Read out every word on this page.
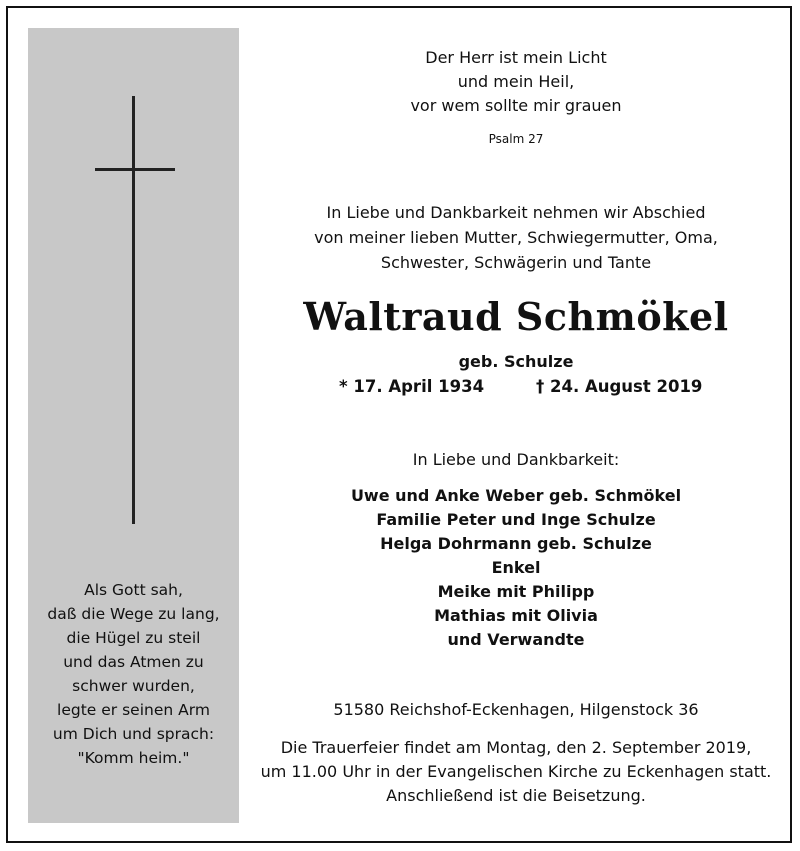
Als Gott sah,
daß die Wege zu lang,
die Hügel zu steil
und das Atmen zu
schwer wurden,
legte er seinen Arm
um Dich und sprach:
"Komm heim."
Der Herr ist mein Licht
und mein Heil,
vor wem sollte mir grauen
Psalm 27
In Liebe und Dankbarkeit nehmen wir Abschied
von meiner lieben Mutter, Schwiegermutter, Oma,
Schwester, Schwägerin und Tante
Waltraud Schmökel
geb. Schulze
* 17. April 1934	† 24. August 2019
In Liebe und Dankbarkeit:
Uwe und Anke Weber geb. Schmökel
Familie Peter und Inge Schulze
Helga Dohrmann geb. Schulze
Enkel
Meike mit Philipp
Mathias mit Olivia
und Verwandte
51580 Reichshof-Eckenhagen, Hilgenstock 36
Die Trauerfeier findet am Montag, den 2. September 2019,
um 11.00 Uhr in der Evangelischen Kirche zu Eckenhagen statt.
Anschließend ist die Beisetzung.
